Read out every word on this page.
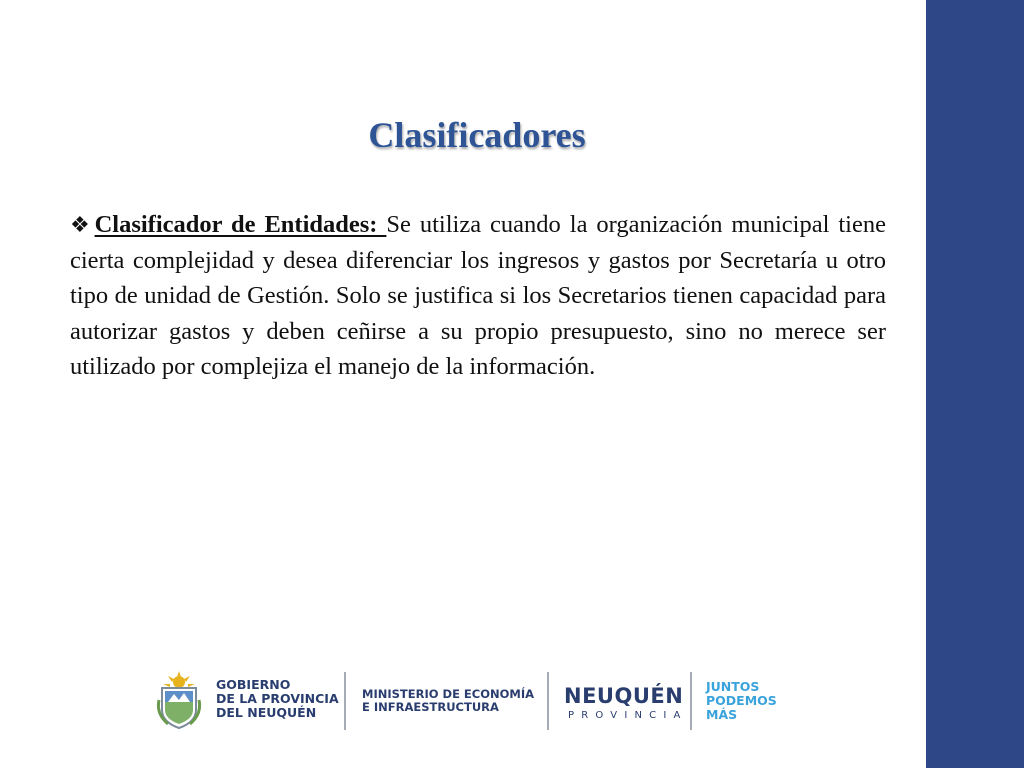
Clasificadores

❖Clasificador de Entidades: Se utiliza cuando la organización municipal tiene cierta complejidad y desea diferenciar los ingresos y gastos por Secretaría u otro tipo de unidad de Gestión. Solo se justifica si los Secretarios tienen capacidad para autorizar gastos y deben ceñirse a su propio presupuesto, sino no merece ser utilizado por complejiza el manejo de la información.

GOBIERNO
DE LA PROVINCIA
DEL NEUQUÉN

MINISTERIO DE ECONOMÍA
E INFRAESTRUCTURA	NEUQUÉN

PROVINCIA

JUNTOS
PODEMOS
MÁS
